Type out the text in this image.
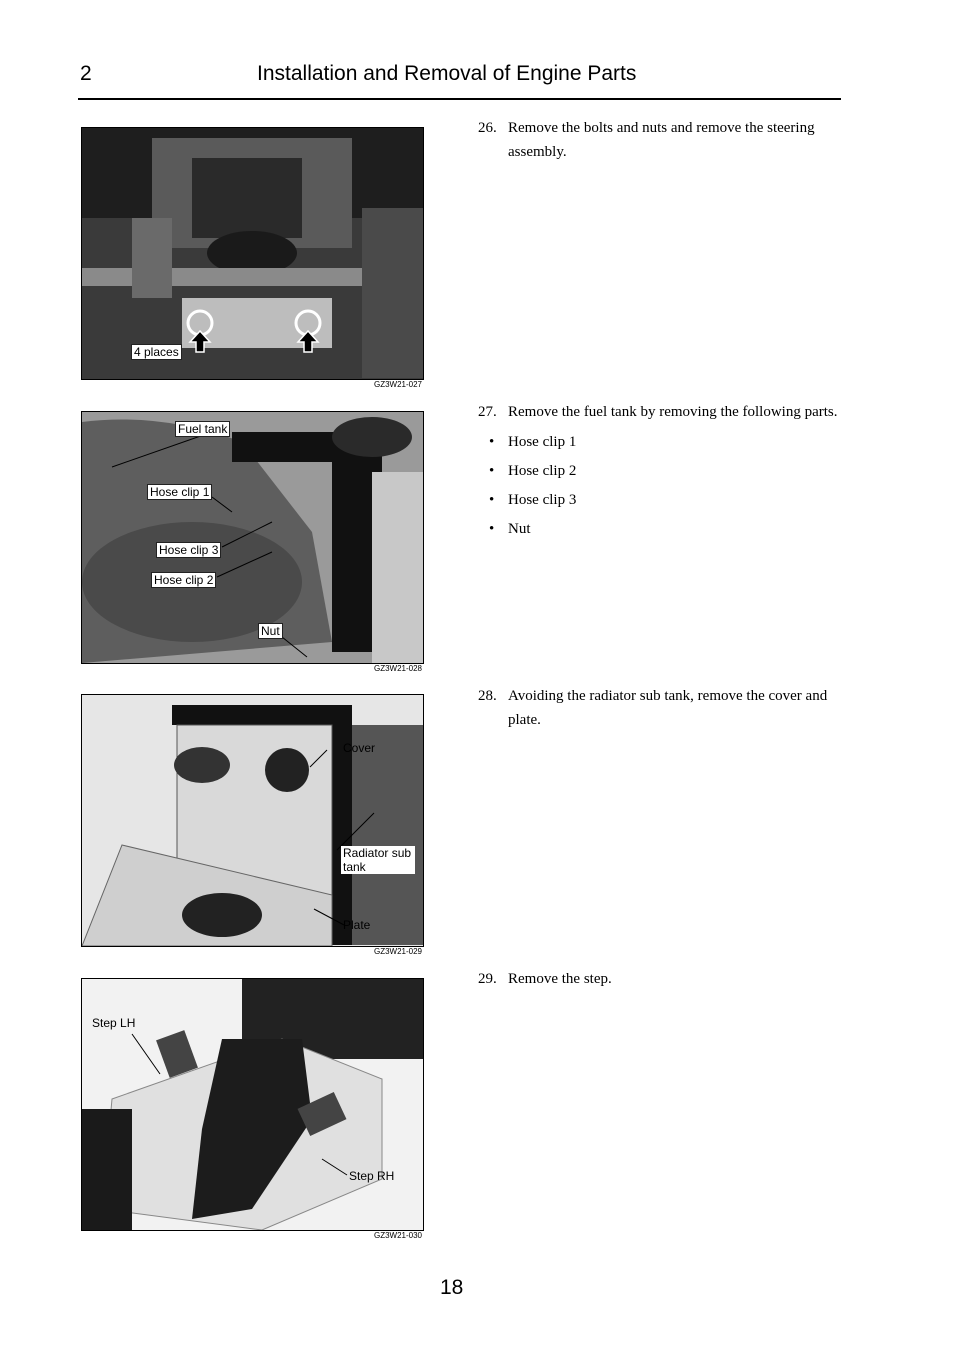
2	Installation and Removal of Engine Parts
4 places
GZ3W21-027
Fuel tank
Hose clip 1
Hose clip 3
Hose clip 2
Nut
GZ3W21-028
Cover
Radiator sub tank
Plate
GZ3W21-029
Step LH
Step RH
GZ3W21-030
26. Remove the bolts and nuts and remove the steering assembly.
27. Remove the fuel tank by removing the following parts.
• Hose clip 1
• Hose clip 2
• Hose clip 3
• Nut
28. Avoiding the radiator sub tank, remove the cover and plate.
29. Remove the step.
18
